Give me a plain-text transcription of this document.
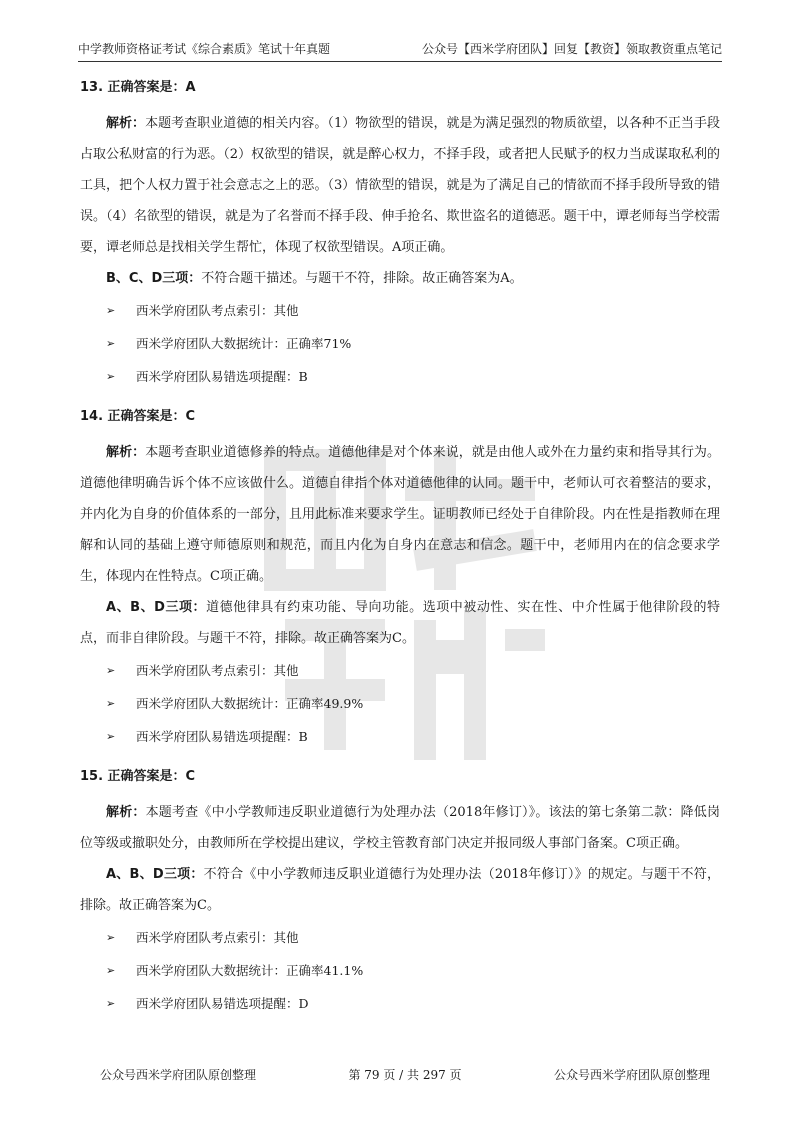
中学教师资格证考试《综合素质》笔试十年真题	公众号【西米学府团队】回复【教资】领取教资重点笔记
13. 正确答案是：A

解析：本题考查职业道德的相关内容。（1）物欲型的错误，就是为满足强烈的物质欲望，以各种不正当手段占取公私财富的行为恶。（2）权欲型的错误，就是醉心权力，不择手段，或者把人民赋予的权力当成谋取私利的工具，把个人权力置于社会意志之上的恶。（3）情欲型的错误，就是为了满足自己的情欲而不择手段所导致的错误。（4）名欲型的错误，就是为了名誉而不择手段、伸手抢名、欺世盗名的道德恶。题干中，谭老师每当学校需要，谭老师总是找相关学生帮忙，体现了权欲型错误。A项正确。

B、C、D三项：不符合题干描述。与题干不符，排除。故正确答案为A。

➢	西米学府团队考点索引：其他
➢	西米学府团队大数据统计：正确率71%
➢	西米学府团队易错选项提醒：B
14. 正确答案是：C

解析：本题考查职业道德修养的特点。道德他律是对个体来说，就是由他人或外在力量约束和指导其行为。道德他律明确告诉个体不应该做什么。道德自律指个体对道德他律的认同。题干中，老师认可衣着整洁的要求，并内化为自身的价值体系的一部分，且用此标准来要求学生。证明教师已经处于自律阶段。内在性是指教师在理解和认同的基础上遵守师德原则和规范，而且内化为自身内在意志和信念。题干中，老师用内在的信念要求学生，体现内在性特点。C项正确。

A、B、D三项：道德他律具有约束功能、导向功能。选项中被动性、实在性、中介性属于他律阶段的特点，而非自律阶段。与题干不符，排除。故正确答案为C。

➢	西米学府团队考点索引：其他
➢	西米学府团队大数据统计：正确率49.9%
➢	西米学府团队易错选项提醒：B
15. 正确答案是：C

解析：本题考查《中小学教师违反职业道德行为处理办法（2018年修订）》。该法的第七条第二款：降低岗位等级或撤职处分，由教师所在学校提出建议，学校主管教育部门决定并报同级人事部门备案。C项正确。

A、B、D三项：不符合《中小学教师违反职业道德行为处理办法（2018年修订）》的规定。与题干不符，排除。故正确答案为C。

➢	西米学府团队考点索引：其他
➢	西米学府团队大数据统计：正确率41.1%
➢	西米学府团队易错选项提醒：D
公众号西米学府团队原创整理	第 79 页 / 共 297 页	公众号西米学府团队原创整理
